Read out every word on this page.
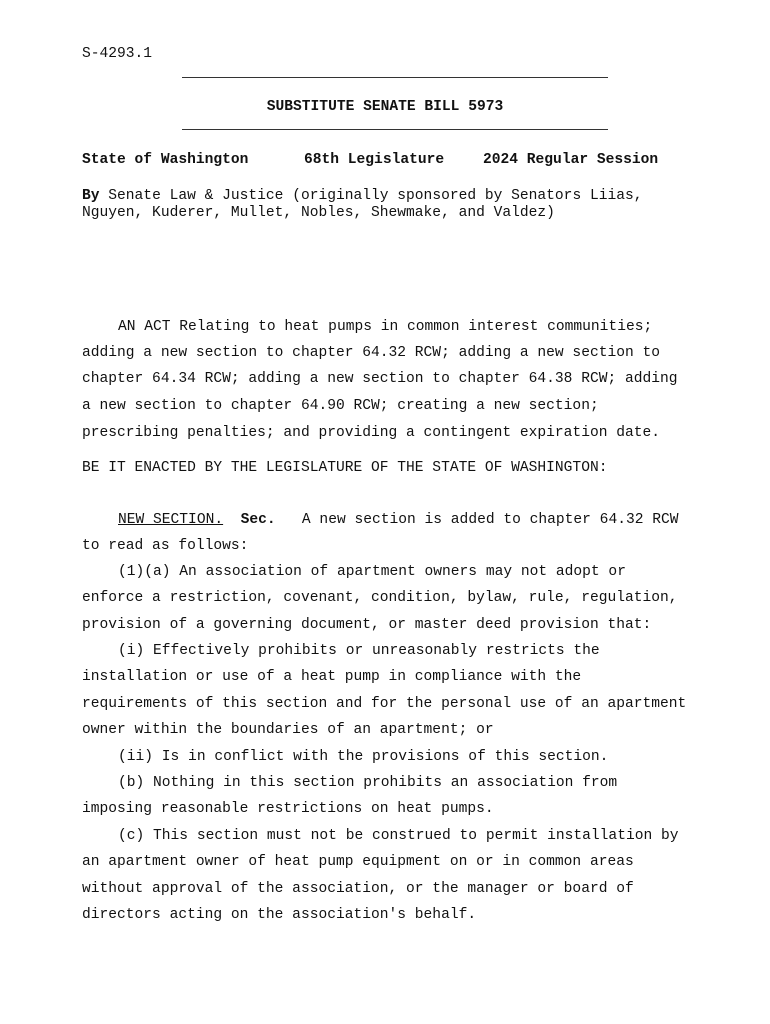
S-4293.1
SUBSTITUTE SENATE BILL 5973
State of Washington	68th Legislature	2024 Regular Session
By Senate Law & Justice (originally sponsored by Senators Liias,
Nguyen, Kuderer, Mullet, Nobles, Shewmake, and Valdez)
AN ACT Relating to heat pumps in common interest communities;
adding a new section to chapter 64.32 RCW; adding a new section to
chapter 64.34 RCW; adding a new section to chapter 64.38 RCW; adding
a new section to chapter 64.90 RCW; creating a new section;
prescribing penalties; and providing a contingent expiration date.
BE IT ENACTED BY THE LEGISLATURE OF THE STATE OF WASHINGTON:
NEW SECTION. Sec. A new section is added to chapter 64.32 RCW
to read as follows:
(1)(a) An association of apartment owners may not adopt or
enforce a restriction, covenant, condition, bylaw, rule, regulation,
provision of a governing document, or master deed provision that:
(i) Effectively prohibits or unreasonably restricts the
installation or use of a heat pump in compliance with the
requirements of this section and for the personal use of an apartment
owner within the boundaries of an apartment; or
(ii) Is in conflict with the provisions of this section.
(b) Nothing in this section prohibits an association from
imposing reasonable restrictions on heat pumps.
(c) This section must not be construed to permit installation by
an apartment owner of heat pump equipment on or in common areas
without approval of the association, or the manager or board of
directors acting on the association's behalf.
